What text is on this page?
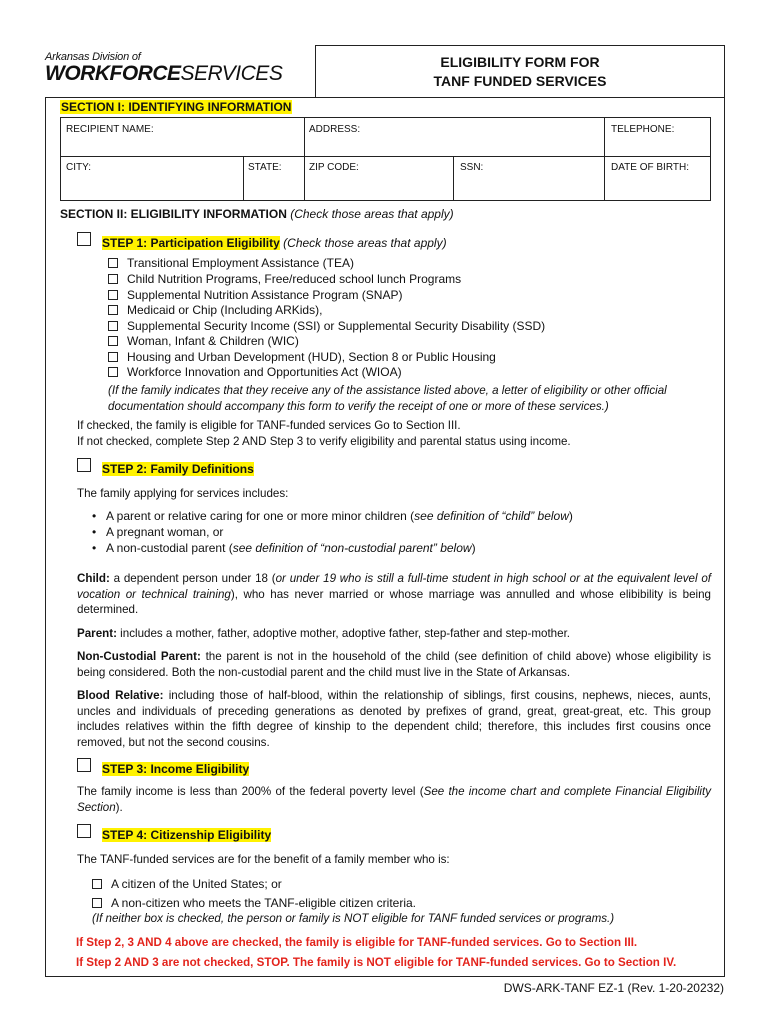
Arkansas Division of
WORKFORCESERVICES	ELIGIBILITY FORM FOR
TANF FUNDED SERVICES
SECTION I: IDENTIFYING INFORMATION
RECIPIENT NAME:	ADDRESS:	TELEPHONE:
CITY:	STATE:	ZIP CODE:	SSN:	DATE OF BIRTH:
SECTION II: ELIGIBILITY INFORMATION (Check those areas that apply)
STEP 1: Participation Eligibility (Check those areas that apply)
Transitional Employment Assistance (TEA)
Child Nutrition Programs, Free/reduced school lunch Programs
Supplemental Nutrition Assistance Program (SNAP)
Medicaid or Chip (Including ARKids),
Supplemental Security Income (SSI) or Supplemental Security Disability (SSD)
Woman, Infant & Children (WIC)
Housing and Urban Development (HUD), Section 8 or Public Housing
Workforce Innovation and Opportunities Act (WIOA)
(If the family indicates that they receive any of the assistance listed above, a letter of eligibility or other official
documentation should accompany this form to verify the receipt of one or more of these services.)
If checked, the family is eligible for TANF-funded services Go to Section III.
If not checked, complete Step 2 AND Step 3 to verify eligibility and parental status using income.
STEP 2: Family Definitions
The family applying for services includes:
• A parent or relative caring for one or more minor children (see definition of “child” below)
• A pregnant woman, or
• A non-custodial parent (see definition of “non-custodial parent” below)
Child: a dependent person under 18 (or under 19 who is still a full-time student in high school or at the equivalent level of vocation or technical training), who has never married or whose marriage was annulled and whose elibibility is being determined.
Parent: includes a mother, father, adoptive mother, adoptive father, step-father and step-mother.
Non-Custodial Parent: the parent is not in the household of the child (see definition of child above) whose eligibility is being considered. Both the non-custodial parent and the child must live in the State of Arkansas.
Blood Relative: including those of half-blood, within the relationship of siblings, first cousins, nephews, nieces, aunts, uncles and individuals of preceding generations as denoted by prefixes of grand, great, great-great, etc. This group includes relatives within the fifth degree of kinship to the dependent child; therefore, this includes first cousins once removed, but not the second cousins.
STEP 3: Income Eligibility
The family income is less than 200% of the federal poverty level (See the income chart and complete Financial Eligibility Section).
STEP 4: Citizenship Eligibility
The TANF-funded services are for the benefit of a family member who is:
A citizen of the United States; or
A non-citizen who meets the TANF-eligible citizen criteria.
(If neither box is checked, the person or family is NOT eligible for TANF funded services or programs.)
If Step 2, 3 AND 4 above are checked, the family is eligible for TANF-funded services. Go to Section III.
If Step 2 AND 3 are not checked, STOP. The family is NOT eligible for TANF-funded services. Go to Section IV.
DWS-ARK-TANF EZ-1 (Rev. 1-20-20232)
